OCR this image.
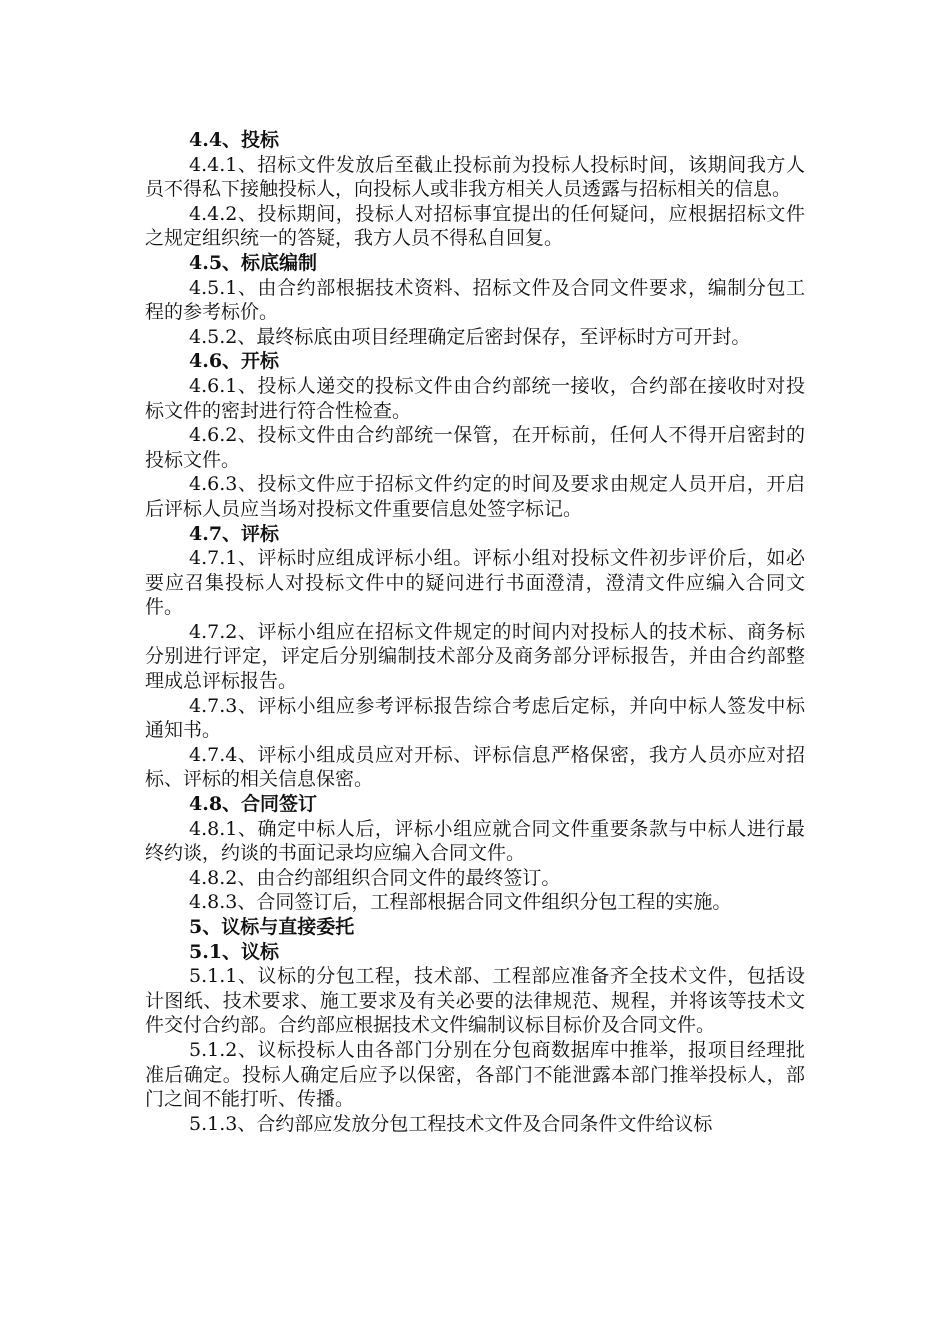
4.4、投标

4.4.1、招标文件发放后至截止投标前为投标人投标时间，该期间我方人员不得私下接触投标人，向投标人或非我方相关人员透露与招标相关的信息。

4.4.2、投标期间，投标人对招标事宜提出的任何疑问，应根据招标文件之规定组织统一的答疑，我方人员不得私自回复。

4.5、标底编制

4.5.1、由合约部根据技术资料、招标文件及合同文件要求，编制分包工程的参考标价。

4.5.2、最终标底由项目经理确定后密封保存，至评标时方可开封。

4.6、开标

4.6.1、投标人递交的投标文件由合约部统一接收，合约部在接收时对投标文件的密封进行符合性检查。

4.6.2、投标文件由合约部统一保管，在开标前，任何人不得开启密封的投标文件。

4.6.3、投标文件应于招标文件约定的时间及要求由规定人员开启，开启后评标人员应当场对投标文件重要信息处签字标记。

4.7、评标

4.7.1、评标时应组成评标小组。评标小组对投标文件初步评价后，如必要应召集投标人对投标文件中的疑问进行书面澄清，澄清文件应编入合同文件。

4.7.2、评标小组应在招标文件规定的时间内对投标人的技术标、商务标分别进行评定，评定后分别编制技术部分及商务部分评标报告，并由合约部整理成总评标报告。

4.7.3、评标小组应参考评标报告综合考虑后定标，并向中标人签发中标通知书。

4.7.4、评标小组成员应对开标、评标信息严格保密，我方人员亦应对招标、评标的相关信息保密。

4.8、合同签订

4.8.1、确定中标人后，评标小组应就合同文件重要条款与中标人进行最终约谈，约谈的书面记录均应编入合同文件。

4.8.2、由合约部组织合同文件的最终签订。

4.8.3、合同签订后，工程部根据合同文件组织分包工程的实施。

5、议标与直接委托
5.1、议标

5.1.1、议标的分包工程，技术部、工程部应准备齐全技术文件，包括设计图纸、技术要求、施工要求及有关必要的法律规范、规程，并将该等技术文件交付合约部。合约部应根据技术文件编制议标目标价及合同文件。

5.1.2、议标投标人由各部门分别在分包商数据库中推举，报项目经理批准后确定。投标人确定后应予以保密，各部门不能泄露本部门推举投标人，部门之间不能打听、传播。

5.1.3、合约部应发放分包工程技术文件及合同条件文件给议标
